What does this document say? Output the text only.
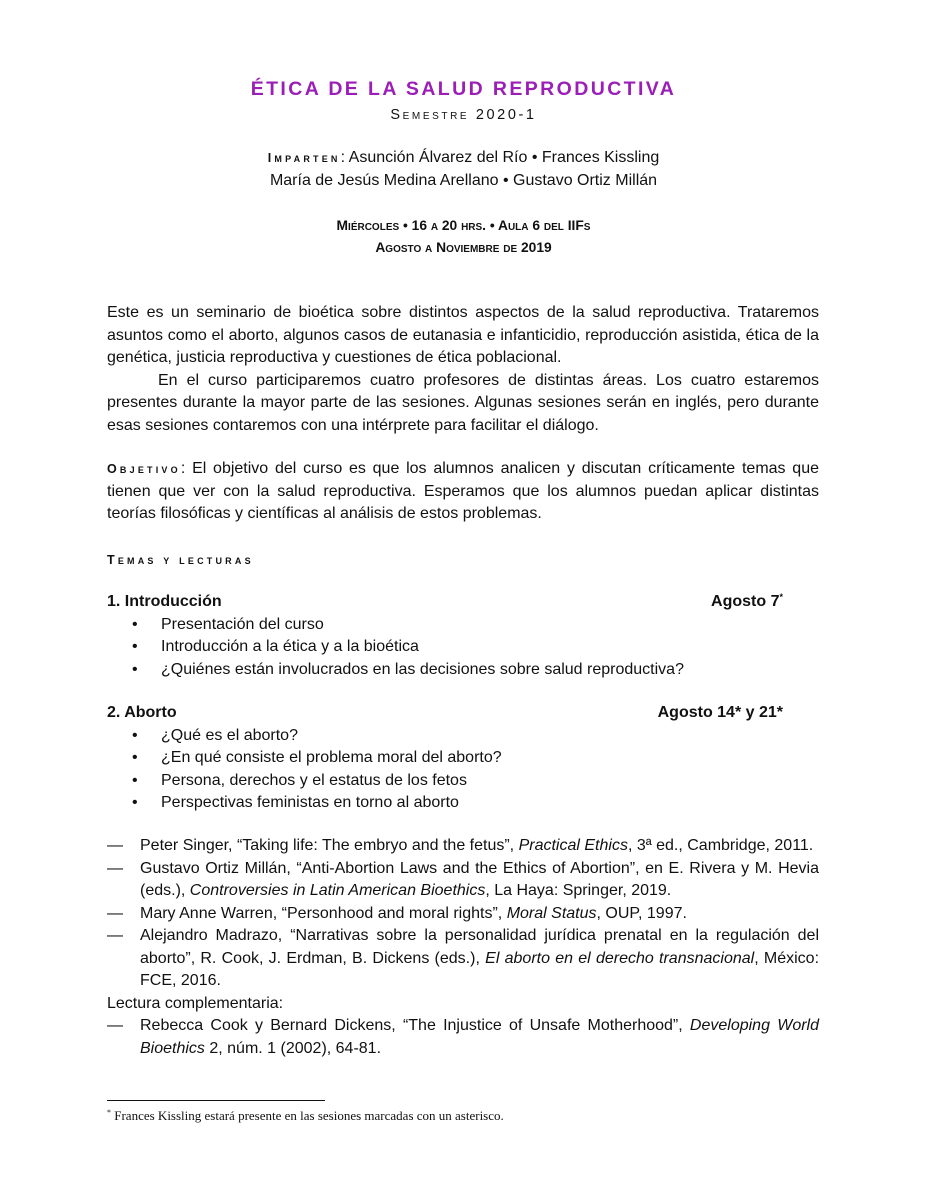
ÉTICA DE LA SALUD REPRODUCTIVA
Semestre 2020-1
Imparten: Asunción Álvarez del Río • Frances Kissling
María de Jesús Medina Arellano • Gustavo Ortiz Millán
Miércoles • 16 a 20 hrs. • Aula 6 del IIFs
Agosto a Noviembre de 2019

Este es un seminario de bioética sobre distintos aspectos de la salud reproductiva. Trataremos asuntos como el aborto, algunos casos de eutanasia e infanticidio, reproducción asistida, ética de la genética, justicia reproductiva y cuestiones de ética poblacional.

En el curso participaremos cuatro profesores de distintas áreas. Los cuatro estaremos presentes durante la mayor parte de las sesiones. Algunas sesiones serán en inglés, pero durante esas sesiones contaremos con una intérprete para facilitar el diálogo.

Objetivo: El objetivo del curso es que los alumnos analicen y discutan críticamente temas que tienen que ver con la salud reproductiva. Esperamos que los alumnos puedan aplicar distintas teorías filosóficas y científicas al análisis de estos problemas.

Temas y lecturas
1. Introducción	Agosto 7*
• Presentación del curso
• Introducción a la ética y a la bioética
• ¿Quiénes están involucrados en las decisiones sobre salud reproductiva?
2. Aborto	Agosto 14* y 21*
• ¿Qué es el aborto?
• ¿En qué consiste el problema moral del aborto?
• Persona, derechos y el estatus de los fetos
• Perspectivas feministas en torno al aborto
— Peter Singer, “Taking life: The embryo and the fetus”, Practical Ethics, 3ª ed., Cambridge, 2011.
— Gustavo Ortiz Millán, “Anti-Abortion Laws and the Ethics of Abortion”, en E. Rivera y M. Hevia (eds.), Controversies in Latin American Bioethics, La Haya: Springer, 2019.
— Mary Anne Warren, “Personhood and moral rights”, Moral Status, OUP, 1997.
— Alejandro Madrazo, “Narrativas sobre la personalidad jurídica prenatal en la regulación del aborto”, R. Cook, J. Erdman, B. Dickens (eds.), El aborto en el derecho transnacional, México: FCE, 2016.

Lectura complementaria:

— Rebecca Cook y Bernard Dickens, “The Injustice of Unsafe Motherhood”, Developing World Bioethics 2, núm. 1 (2002), 64-81.
* Frances Kissling estará presente en las sesiones marcadas con un asterisco.
